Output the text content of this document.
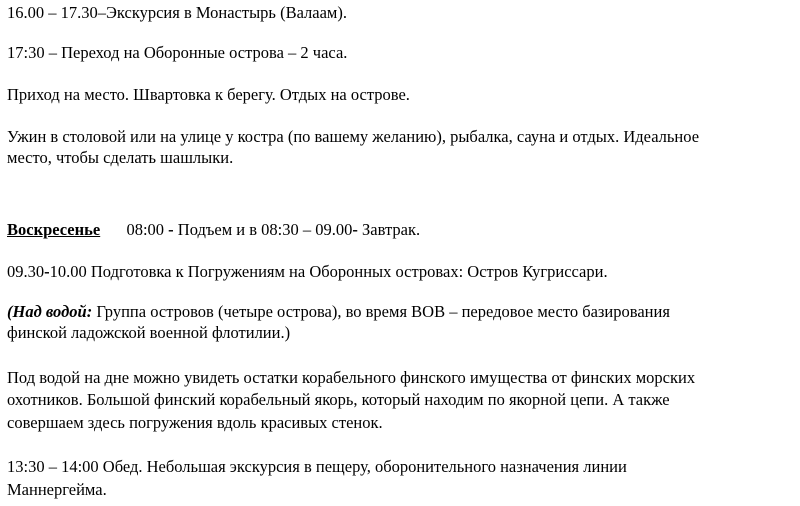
16.00 – 17.30–Экскурсия в Монастырь (Валаам).
17:30 – Переход на Оборонные острова – 2 часа.
Приход на место. Швартовка к берегу. Отдых на острове.
Ужин в столовой или на улице у костра (по вашему желанию), рыбалка, сауна и отдых. Идеальное
место, чтобы сделать шашлыки.
Воскресенье 08:00 - Подъем и в 08:30 – 09.00- Завтрак.
09.30-10.00 Подготовка к Погружениям на Оборонных островах: Остров Кугриссари.
(Над водой: Группа островов (четыре острова), во время ВОВ – передовое место базирования
финской ладожской военной флотилии.)
Под водой на дне можно увидеть остатки корабельного финского имущества от финских морских
охотников. Большой финский корабельный якорь, который находим по якорной цепи. А также
совершаем здесь погружения вдоль красивых стенок.
13:30 – 14:00 Обед. Небольшая экскурсия в пещеру, оборонительного назначения линии
Маннергейма.
